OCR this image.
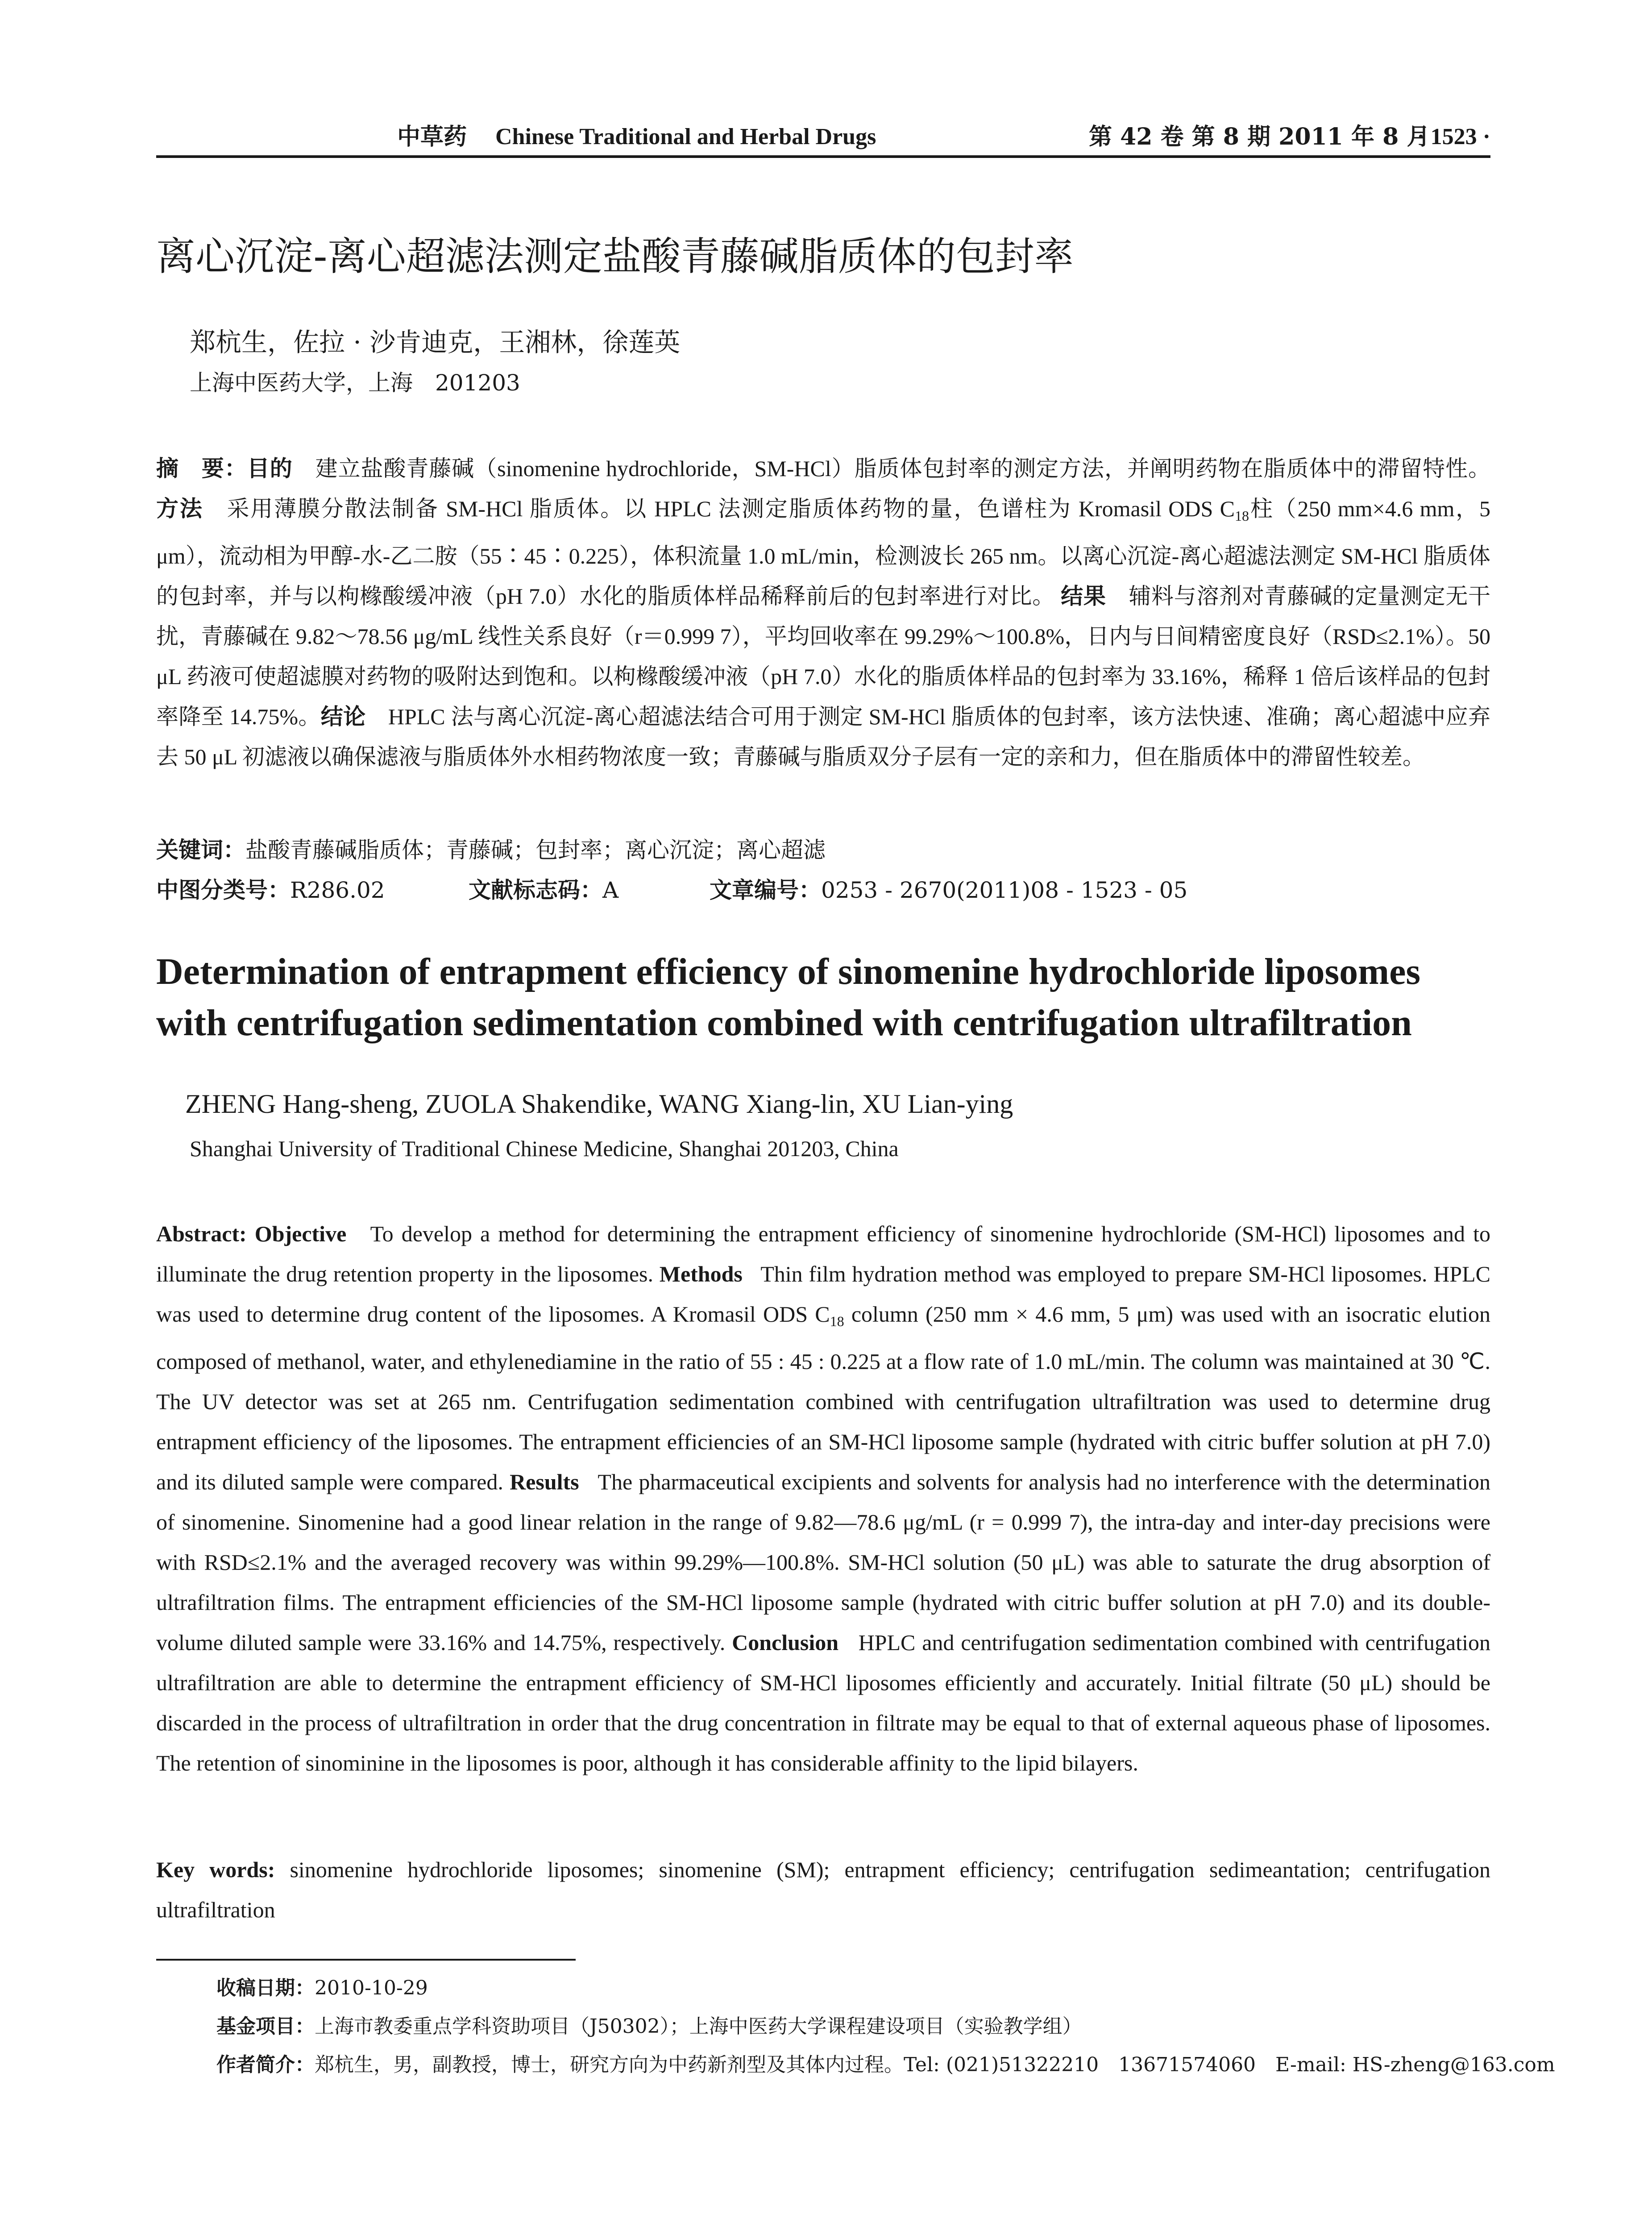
中草药 Chinese Traditional and Herbal Drugs	第 42 卷 第 8 期 2011 年 8 月
· 1523 ·
离心沉淀-离心超滤法测定盐酸青藤碱脂质体的包封率
郑杭生，佐拉 · 沙肯迪克，王湘林，徐莲英
上海中医药大学，上海　201203
摘　要：目的　建立盐酸青藤碱（sinomenine hydrochloride，SM-HCl）脂质体包封率的测定方法，并阐明药物在脂质体中的滞留特性。方法　采用薄膜分散法制备 SM-HCl 脂质体。以 HPLC 法测定脂质体药物的量，色谱柱为 Kromasil ODS $C_{18}$柱（250 mm×4.6 mm，5 μm），流动相为甲醇-水-乙二胺（55∶45∶0.225），体积流量 1.0 mL/min，检测波长 265 nm。以离心沉淀-离心超滤法测定 SM-HCl 脂质体的包封率，并与以枸橼酸缓冲液（pH 7.0）水化的脂质体样品稀释前后的包封率进行对比。 结果　辅料与溶剂对青藤碱的定量测定无干扰，青藤碱在 9.82～78.56 μg/mL 线性关系良好（r＝0.999 7），平均回收率在 99.29%～100.8%，日内与日间精密度良好（RSD≤2.1%）。50 μL 药液可使超滤膜对药物的吸附达到饱和。以枸橼酸缓冲液（pH 7.0）水化的脂质体样品的包封率为 33.16%，稀释 1 倍后该样品的包封率降至 14.75%。结论　HPLC 法与离心沉淀-离心超滤法结合可用于测定 SM-HCl 脂质体的包封率，该方法快速、准确；离心超滤中应弃去 50 μL 初滤液以确保滤液与脂质体外水相药物浓度一致；青藤碱与脂质双分子层有一定的亲和力，但在脂质体中的滞留性较差。
关键词：盐酸青藤碱脂质体；青藤碱；包封率；离心沉淀；离心超滤
中图分类号：R286.02	文献标志码：A	文章编号：0253 - 2670(2011)08 - 1523 - 05
Determination of entrapment efficiency of sinomenine hydrochloride liposomes with centrifugation sedimentation combined with centrifugation ultrafiltration
ZHENG Hang-sheng, ZUOLA Shakendike, WANG Xiang-lin, XU Lian-ying
Shanghai University of Traditional Chinese Medicine, Shanghai 201203, China
Abstract: Objective To develop a method for determining the entrapment efficiency of sinomenine hydrochloride (SM-HCl) liposomes and to illuminate the drug retention property in the liposomes. Methods Thin film hydration method was employed to prepare SM-HCl liposomes. HPLC was used to determine drug content of the liposomes. A Kromasil ODS $C_{18}$ column (250 mm × 4.6 mm, 5 μm) was used with an isocratic elution composed of methanol, water, and ethylenediamine in the ratio of 55 : 45 : 0.225 at a flow rate of 1.0 mL/min. The column was maintained at 30 ℃. The UV detector was set at 265 nm. Centrifugation sedimentation combined with centrifugation ultrafiltration was used to determine drug entrapment efficiency of the liposomes. The entrapment efficiencies of an SM-HCl liposome sample (hydrated with citric buffer solution at pH 7.0) and its diluted sample were compared. Results The pharmaceutical excipients and solvents for analysis had no interference with the determination of sinomenine. Sinomenine had a good linear relation in the range of 9.82—78.6 μg/mL (r = 0.999 7), the intra-day and inter-day precisions were with RSD≤2.1% and the averaged recovery was within 99.29%—100.8%. SM-HCl solution (50 μL) was able to saturate the drug absorption of ultrafiltration films. The entrapment efficiencies of the SM-HCl liposome sample (hydrated with citric buffer solution at pH 7.0) and its double-volume diluted sample were 33.16% and 14.75%, respectively. Conclusion HPLC and centrifugation sedimentation combined with centrifugation ultrafiltration are able to determine the entrapment efficiency of SM-HCl liposomes efficiently and accurately. Initial filtrate (50 μL) should be discarded in the process of ultrafiltration in order that the drug concentration in filtrate may be equal to that of external aqueous phase of liposomes. The retention of sinominine in the liposomes is poor, although it has considerable affinity to the lipid bilayers.
Key words: sinomenine hydrochloride liposomes; sinomenine (SM); entrapment efficiency; centrifugation sedimeantation; centrifugation ultrafiltration
收稿日期：2010-10-29
基金项目：上海市教委重点学科资助项目（J50302）；上海中医药大学课程建设项目（实验教学组）
作者简介：郑杭生，男，副教授，博士，研究方向为中药新剂型及其体内过程。Tel: (021)51322210　13671574060　E-mail: HS-zheng@163.com
